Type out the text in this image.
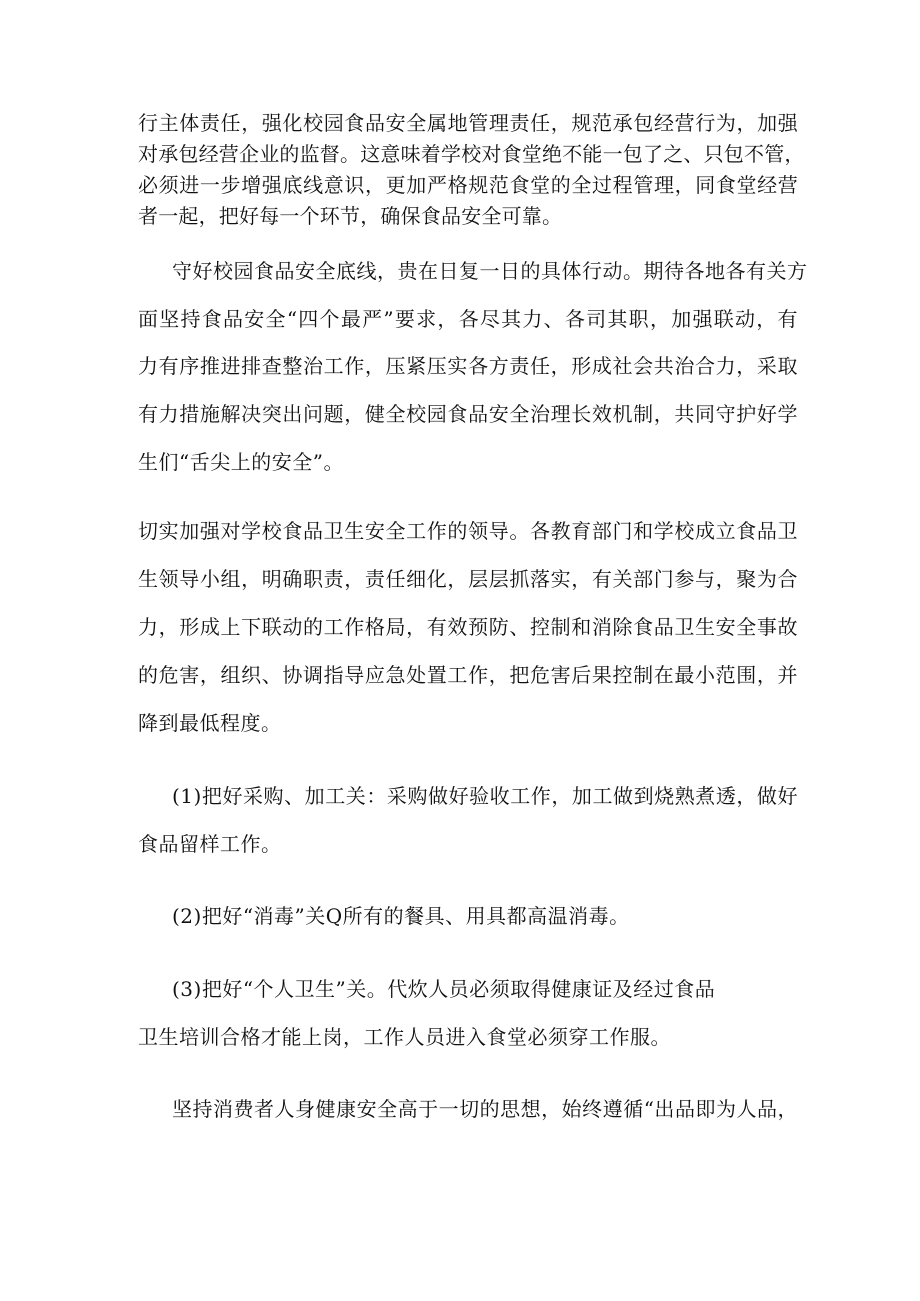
行主体责任，强化校园食品安全属地管理责任，规范承包经营行为，加强
对承包经营企业的监督。这意味着学校对食堂绝不能一包了之、只包不管，
必须进一步增强底线意识，更加严格规范食堂的全过程管理，同食堂经营
者一起，把好每一个环节，确保食品安全可靠。
守好校园食品安全底线，贵在日复一日的具体行动。期待各地各有关方
面坚持食品安全“四个最严”要求，各尽其力、各司其职，加强联动，有
力有序推进排查整治工作，压紧压实各方责任，形成社会共治合力，采取
有力措施解决突出问题，健全校园食品安全治理长效机制，共同守护好学
生们“舌尖上的安全”。
切实加强对学校食品卫生安全工作的领导。各教育部门和学校成立食品卫
生领导小组，明确职责，责任细化，层层抓落实，有关部门参与，聚为合
力，形成上下联动的工作格局，有效预防、控制和消除食品卫生安全事故
的危害，组织、协调指导应急处置工作，把危害后果控制在最小范围，并
降到最低程度。
(1)把好采购、加工关：采购做好验收工作，加工做到烧熟煮透，做好
食品留样工作。
(2)把好“消毒”关Q所有的餐具、用具都高温消毒。
(3)把好“个人卫生”关。代炊人员必须取得健康证及经过食品
卫生培训合格才能上岗，工作人员进入食堂必须穿工作服。
坚持消费者人身健康安全高于一切的思想，始终遵循“出品即为人品，
